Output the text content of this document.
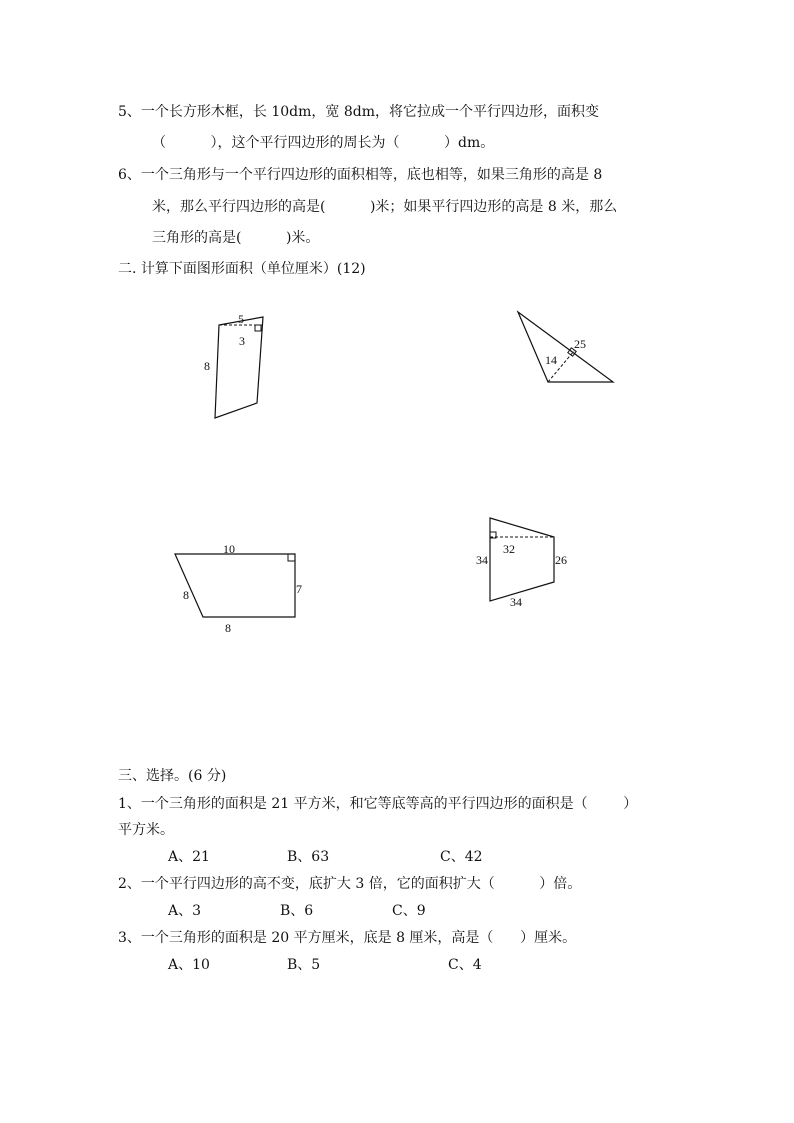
5、一个长方形木框，长 10dm，宽 8dm，将它拉成一个平行四边形，面积变
（          ），这个平行四边形的周长为（          ）dm。
6、一个三角形与一个平行四边形的面积相等，底也相等，如果三角形的高是 8
米，那么平行四边形的高是(          )米；如果平行四边形的高是 8 米，那么
三角形的高是(          )米。
二. 计算下面图形面积（单位厘米）(12)
5
3
8	14
25
10
7
8
8
32
34	26
34
三、选择。(6 分)
1、一个三角形的面积是 21 平方米，和它等底等高的平行四边形的面积是（        ）
平方米。
A、21	B、63	C、42
2、一个平行四边形的高不变，底扩大 3 倍，它的面积扩大（          ）倍。
A、3	B、6	C、9
3、一个三角形的面积是 20 平方厘米，底是 8 厘米，高是（      ）厘米。
A、10	B、5	C、4
